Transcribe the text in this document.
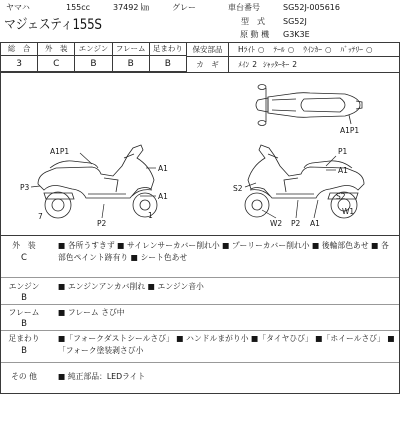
ヤマハ	155cc	37492 ㎞	グレー
マジェスティ155S
車台番号	SG52J-005616
型　式 SG52J
原 動 機 G3K3E
総　合	外　装	エンジン	フレーム 足まわり
3	C	B	B	B
保安部品	Hﾗｲﾄ ○ ﾃｰﾙ ○ ｳｲﾝｶｰ ○ ﾊﾞｯﾃﾘｰ ○
カ　ギ	ﾒｲﾝ 2 ｼｬｯﾀｰｷｰ 2
A1P1
A1P1
A1
A1
P3
7
P2
1
P1
A1
S2
S2
W1
W2 P2 A1
外　装
C
■ 各所うすきず ■ サイレンサーカバー削れ小 ■ プーリーカバー削れ小 ■ 後輪部色あせ ■ 各部色ペイント跡有り ■ シート色あせ
エンジン
B
■ エンジンアンカバ削れ ■ エンジン音小
フレーム
B
■ フレーム さび中
足まわり
B
■「フォークダストシールさび」 ■ ハンドルまがり小 ■「タイヤひび」 ■「ホイールさび」 ■「フォーク塗装剥さび小
その 他	■ 純正部品：LEDライト
